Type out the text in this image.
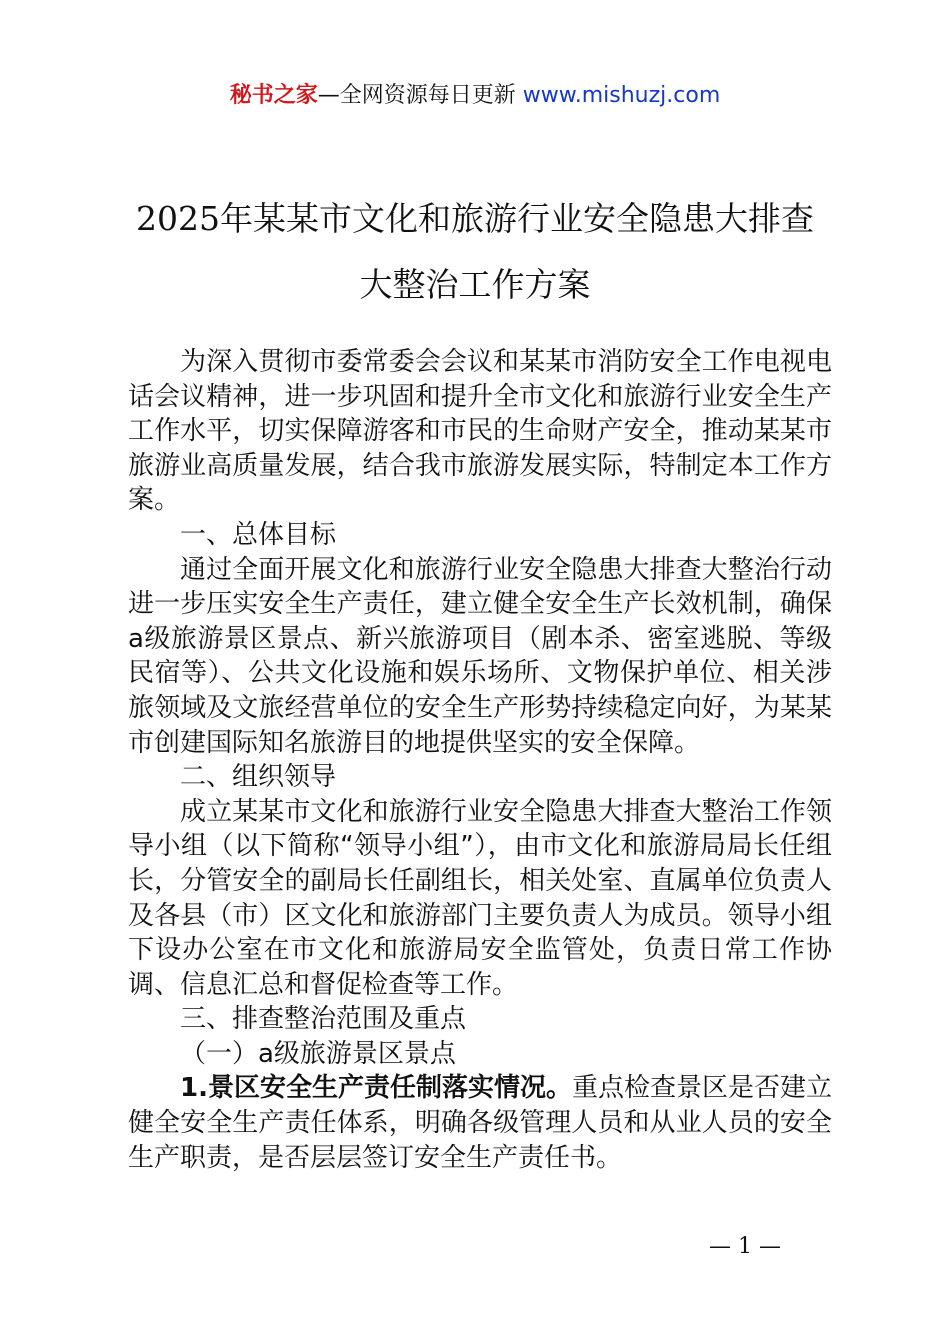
秘书之家—全网资源每日更新 www.mishuzj.com
2025年某某市文化和旅游行业安全隐患大排查大整治工作方案

为深入贯彻市委常委会会议和某某市消防安全工作电视电话会议精神，进一步巩固和提升全市文化和旅游行业安全生产工作水平，切实保障游客和市民的生命财产安全，推动某某市旅游业高质量发展，结合我市旅游发展实际，特制定本工作方案。

一、总体目标

通过全面开展文化和旅游行业安全隐患大排查大整治行动进一步压实安全生产责任，建立健全安全生产长效机制，确保a级旅游景区景点、新兴旅游项目（剧本杀、密室逃脱、等级民宿等）、公共文化设施和娱乐场所、文物保护单位、相关涉旅领域及文旅经营单位的安全生产形势持续稳定向好，为某某市创建国际知名旅游目的地提供坚实的安全保障。

二、组织领导

成立某某市文化和旅游行业安全隐患大排查大整治工作领导小组（以下简称“领导小组”），由市文化和旅游局局长任组长，分管安全的副局长任副组长，相关处室、直属单位负责人及各县（市）区文化和旅游部门主要负责人为成员。领导小组下设办公室在市文化和旅游局安全监管处，负责日常工作协调、信息汇总和督促检查等工作。

三、排查整治范围及重点

（一）a级旅游景区景点

1.景区安全生产责任制落实情况。重点检查景区是否建立健全安全生产责任体系，明确各级管理人员和从业人员的安全生产职责，是否层层签订安全生产责任书。

— 1 —
